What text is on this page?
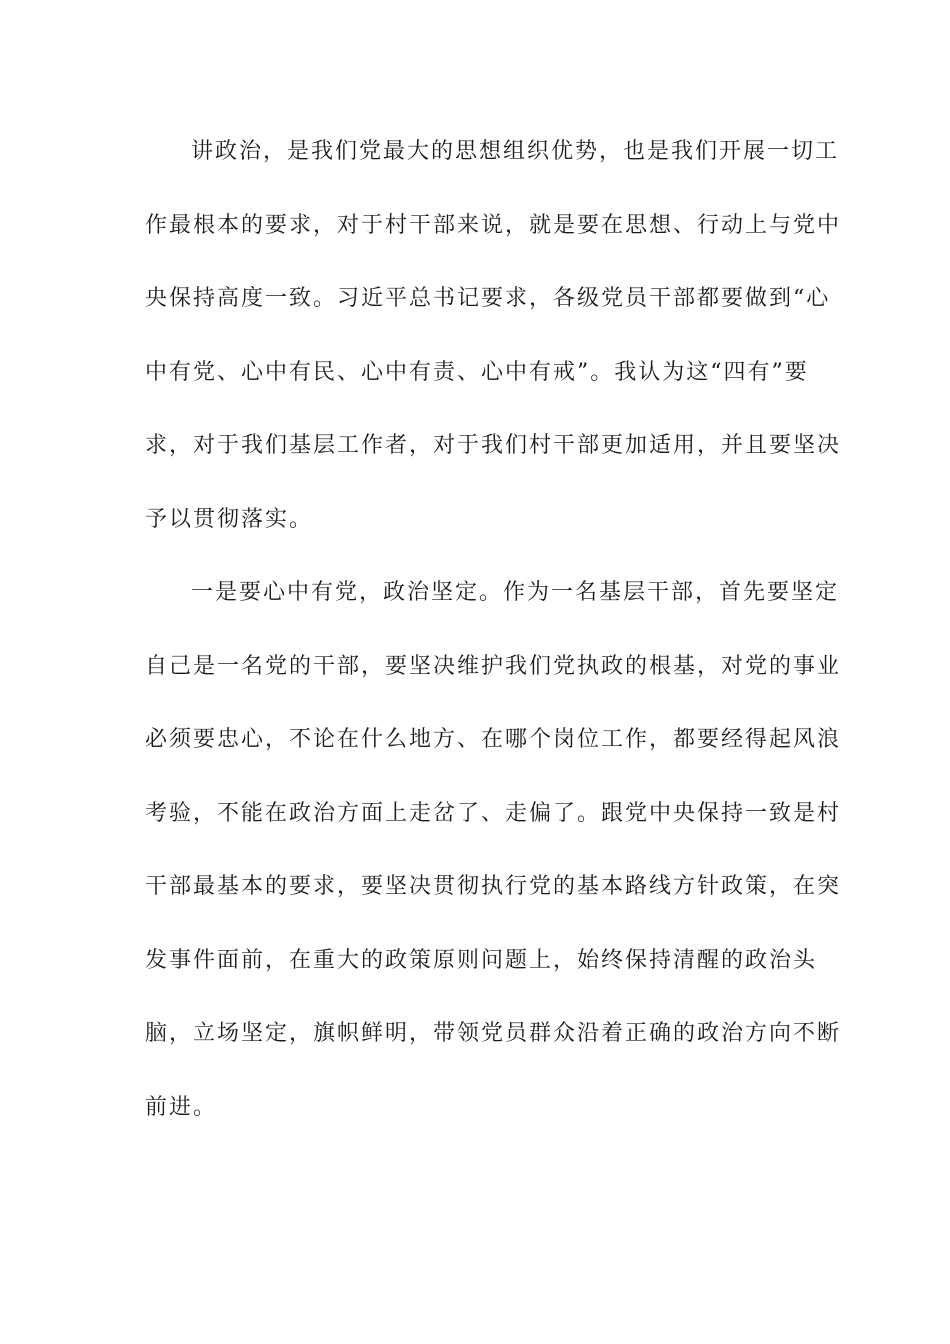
讲政治，是我们党最大的思想组织优势，也是我们开展一切工
作最根本的要求，对于村干部来说，就是要在思想、行动上与党中
央保持高度一致。习近平总书记要求，各级党员干部都要做到“心
中有党、心中有民、心中有责、心中有戒”。我认为这“四有”要
求，对于我们基层工作者，对于我们村干部更加适用，并且要坚决
予以贯彻落实。
一是要心中有党，政治坚定。作为一名基层干部，首先要坚定
自己是一名党的干部，要坚决维护我们党执政的根基，对党的事业
必须要忠心，不论在什么地方、在哪个岗位工作，都要经得起风浪
考验，不能在政治方面上走岔了、走偏了。跟党中央保持一致是村
干部最基本的要求，要坚决贯彻执行党的基本路线方针政策，在突
发事件面前，在重大的政策原则问题上，始终保持清醒的政治头
脑，立场坚定，旗帜鲜明，带领党员群众沿着正确的政治方向不断
前进。
